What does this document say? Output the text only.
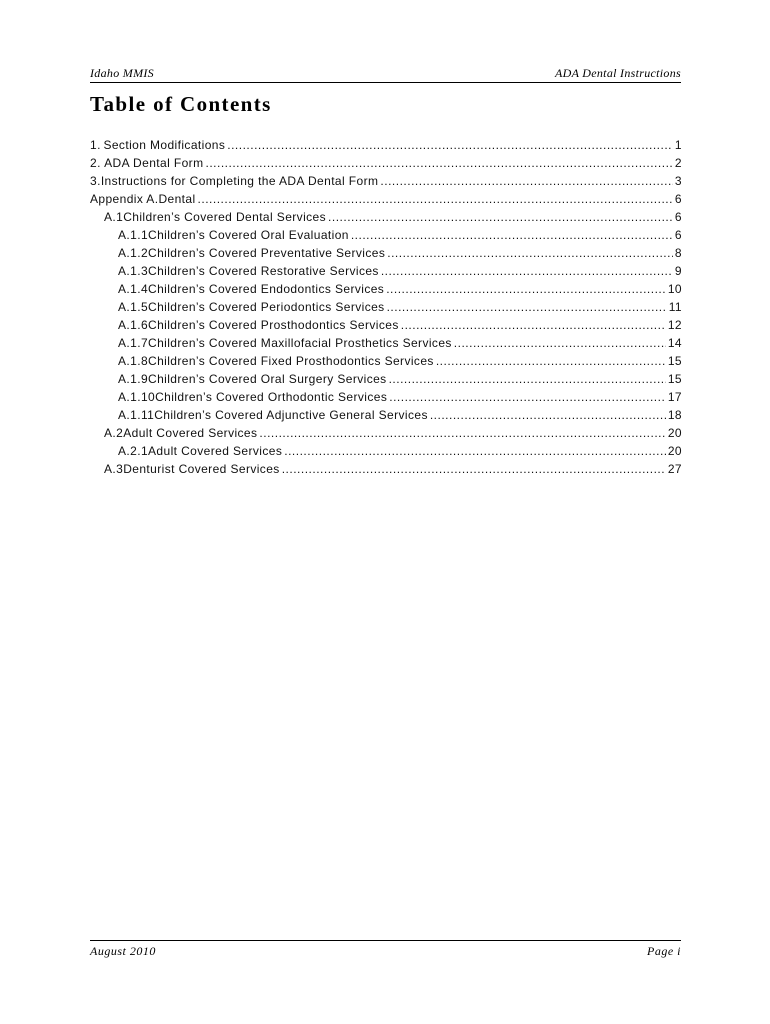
Idaho MMIS	ADA Dental Instructions
Table of Contents
1. Section Modifications .....	1
2. ADA Dental Form .....	2
3. Instructions for Completing the ADA Dental Form .....	3
Appendix A. Dental .....	6
A.1 Children’s Covered Dental Services .....	6
A.1.1 Children’s Covered Oral Evaluation .....	6
A.1.2 Children’s Covered Preventative Services .....	8
A.1.3 Children’s Covered Restorative Services .....	9
A.1.4 Children’s Covered Endodontics Services .....	10
A.1.5 Children’s Covered Periodontics Services .....	11
A.1.6 Children’s Covered Prosthodontics Services .....	12
A.1.7 Children’s Covered Maxillofacial Prosthetics Services .....	14
A.1.8 Children’s Covered Fixed Prosthodontics Services .....	15
A.1.9 Children’s Covered Oral Surgery Services .....	15
A.1.10 Children’s Covered Orthodontic Services .....	17
A.1.11 Children’s Covered Adjunctive General Services .....	18
A.2 Adult Covered Services .....	20
A.2.1 Adult Covered Services .....	20
A.3 Denturist Covered Services .....	27
August 2010	Page i
